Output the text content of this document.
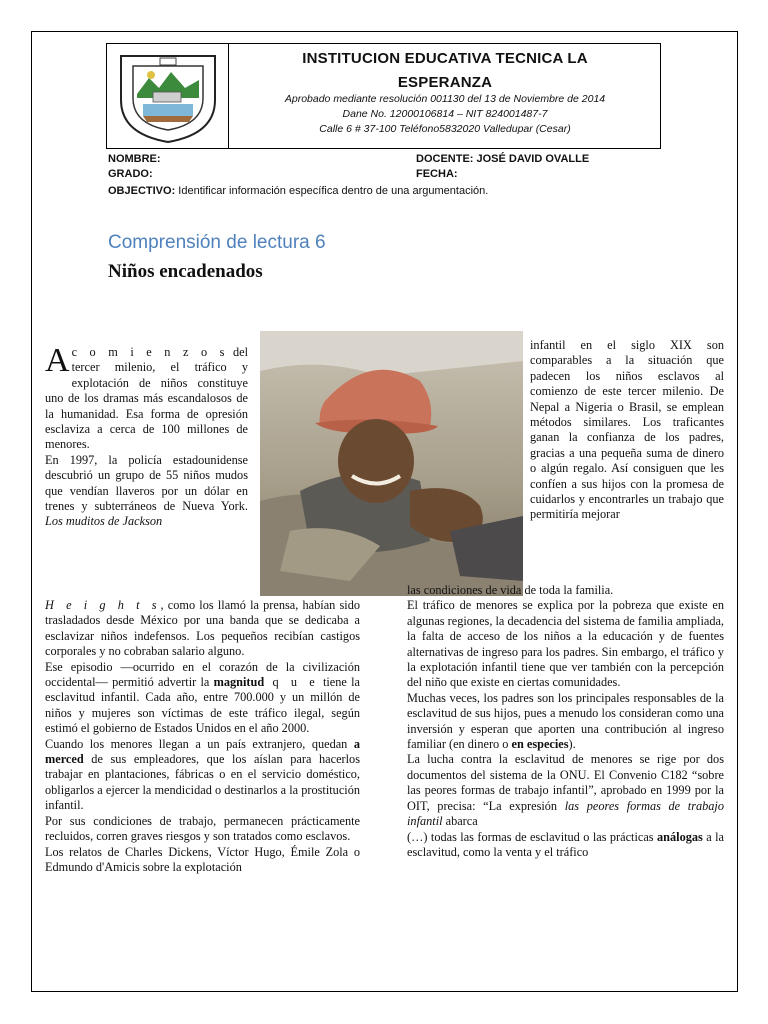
INSTITUCION EDUCATIVA TECNICA LA
ESPERANZA
Aprobado mediante resolución 001130 del 13 de Noviembre de 2014
Dane No. 12000106814 – NIT 824001487-7
Calle 6 # 37-100 Teléfono5832020 Valledupar (Cesar)
NOMBRE:
GRADO:
DOCENTE: JOSÉ DAVID OVALLE
FECHA:
OBJECTIVO: Identificar información específica dentro de una argumentación.
Comprensión de lectura 6
Niños encadenados

Ac o m i e n z o s del tercer milenio, el tráfico y explotación de niños constituye uno de los dramas más escandalosos de la humanidad. Esa forma de opresión esclaviza a cerca de 100 millones de menores.

En 1997, la policía estadounidense descubrió un grupo de 55 niños mudos que vendían llaveros por un dólar en trenes y subterráneos de Nueva York. Los muditos de Jackson

H e i g h t s, como los llamó la prensa, habían sido trasladados desde México por una banda que se dedicaba a esclavizar niños indefensos. Los pequeños recibían castigos corporales y no cobraban salario alguno.

Ese episodio —ocurrido en el corazón de la civilización occidental— permitió advertir la magnitud q u e tiene la esclavitud infantil. Cada año, entre 700.000 y un millón de niños y mujeres son víctimas de este tráfico ilegal, según estimó el gobierno de Estados Unidos en el año 2000.

Cuando los menores llegan a un país extranjero, quedan a merced de sus empleadores, que los aíslan para hacerlos trabajar en plantaciones, fábricas o en el servicio doméstico, obligarlos a ejercer la mendicidad o destinarlos a la prostitución infantil.

Por sus condiciones de trabajo, permanecen prácticamente recluidos, corren graves riesgos y son tratados como esclavos.

Los relatos de Charles Dickens, Víctor Hugo, Émile Zola o Edmundo d'Amicis sobre la explotación

infantil en el siglo XIX son comparables a la situación que padecen los niños esclavos al comienzo de este tercer milenio. De Nepal a Nigeria o Brasil, se emplean métodos similares. Los traficantes ganan la confianza de los padres, gracias a una pequeña suma de dinero o algún regalo. Así consiguen que les confíen a sus hijos con la promesa de cuidarlos y encontrarles un trabajo que permitiría mejorar

las condiciones de vida de toda la familia.

El tráfico de menores se explica por la pobreza que existe en algunas regiones, la decadencia del sistema de familia ampliada, la falta de acceso de los niños a la educación y de fuentes alternativas de ingreso para los padres. Sin embargo, el tráfico y la explotación infantil tiene que ver también con la percepción del niño que existe en ciertas comunidades.

Muchas veces, los padres son los principales responsables de la esclavitud de sus hijos, pues a menudo los consideran como una inversión y esperan que aporten una contribución al ingreso familiar (en dinero o en especies).

La lucha contra la esclavitud de menores se rige por dos documentos del sistema de la ONU. El Convenio C182 “sobre las peores formas de trabajo infantil”, aprobado en 1999 por la OIT, precisa: “La expresión las peores formas de trabajo infantil abarca

(…) todas las formas de esclavitud o las prácticas análogas a la esclavitud, como la venta y el tráfico
